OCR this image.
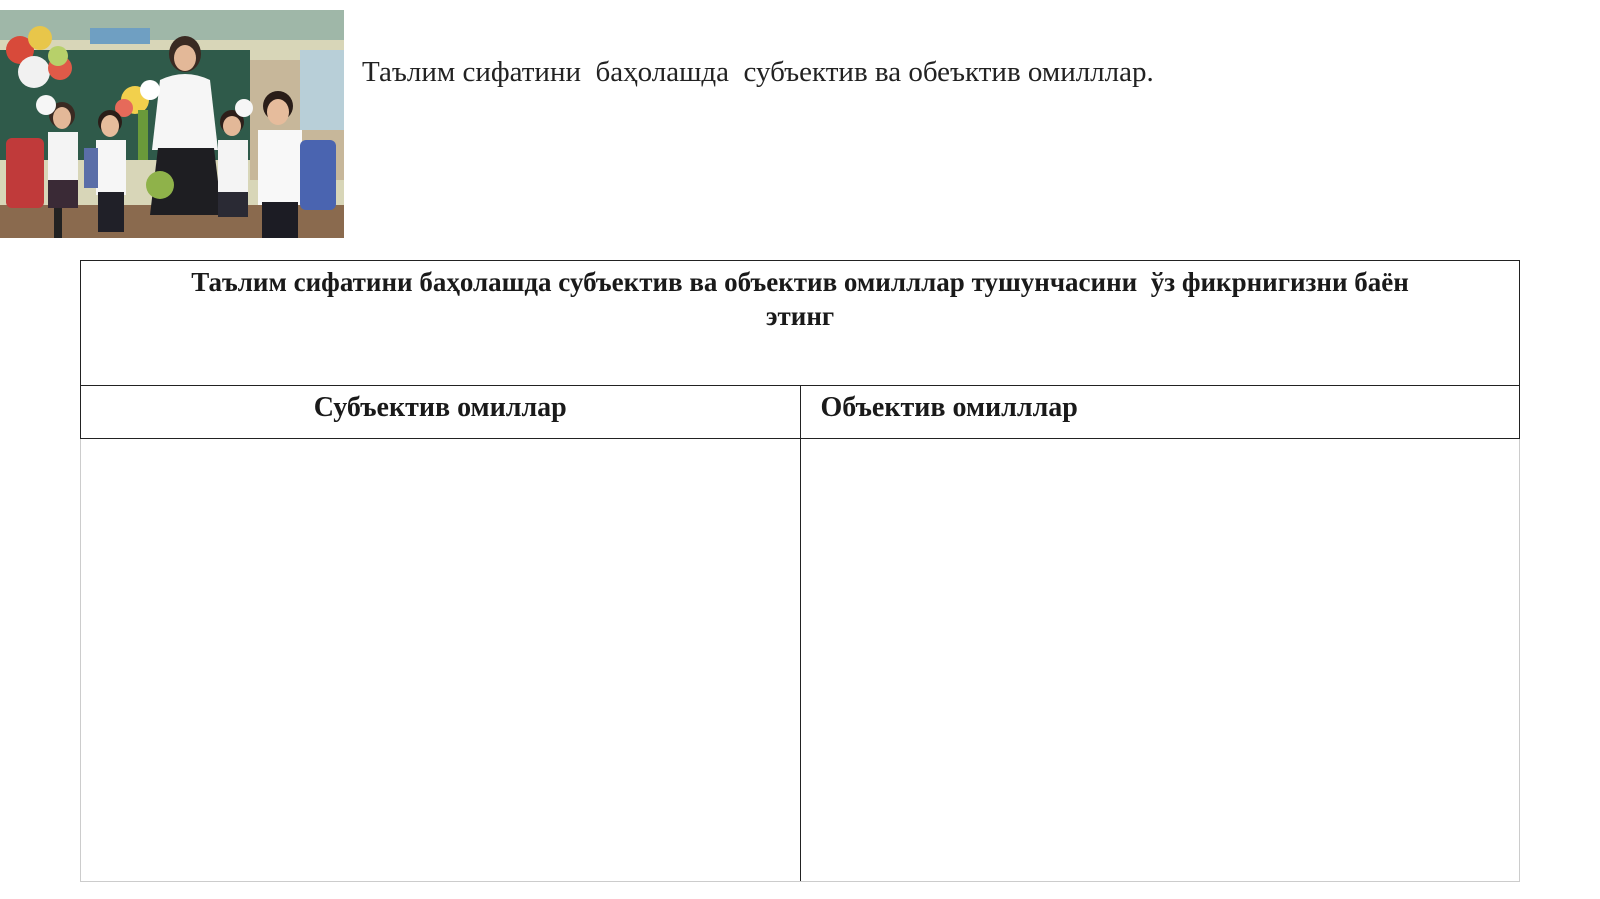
Таълим сифатини  баҳолашда  субъектив ва обеъктив омилллар.
Таълим сифатини баҳолашда субъектив ва объектив омилллар тушунчасини  ўз фикрнигизни баён
этинг	
Субъектив омиллар	Объектив омилллар
